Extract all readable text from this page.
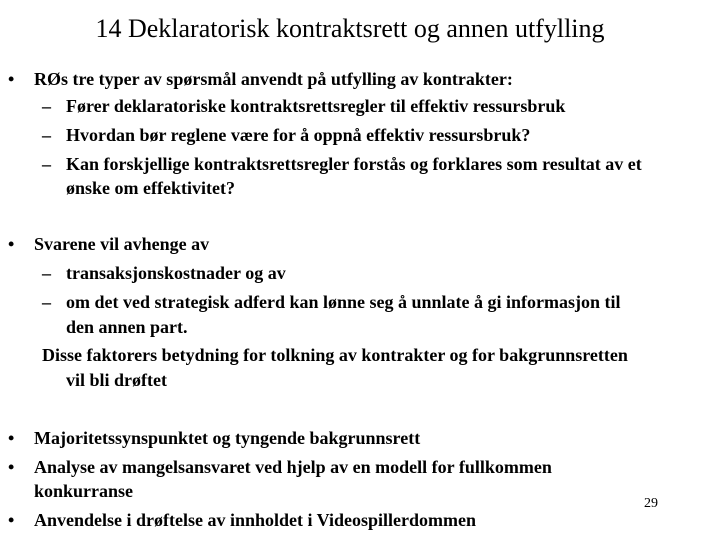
14 Deklaratorisk kontraktsrett og annen utfylling
• RØs tre typer av spørsmål anvendt på utfylling av kontrakter:
– Fører deklaratoriske kontraktsrettsregler til effektiv ressursbruk
– Hvordan bør reglene være for å oppnå effektiv ressursbruk?
– Kan forskjellige kontraktsrettsregler forstås og forklares som resultat av et
ønske om effektivitet?
• Svarene vil avhenge av
– transaksjonskostnader og av
– om det ved strategisk adferd kan lønne seg å unnlate å gi informasjon til
den annen part.
Disse faktorers betydning for tolkning av kontrakter og for bakgrunnsretten
vil bli drøftet
• Majoritetssynspunktet og tyngende bakgrunnsrett
• Analyse av mangelsansvaret ved hjelp av en modell for fullkommen
konkurranse
• Anvendelse i drøftelse av innholdet i Videospillerdommen
29
